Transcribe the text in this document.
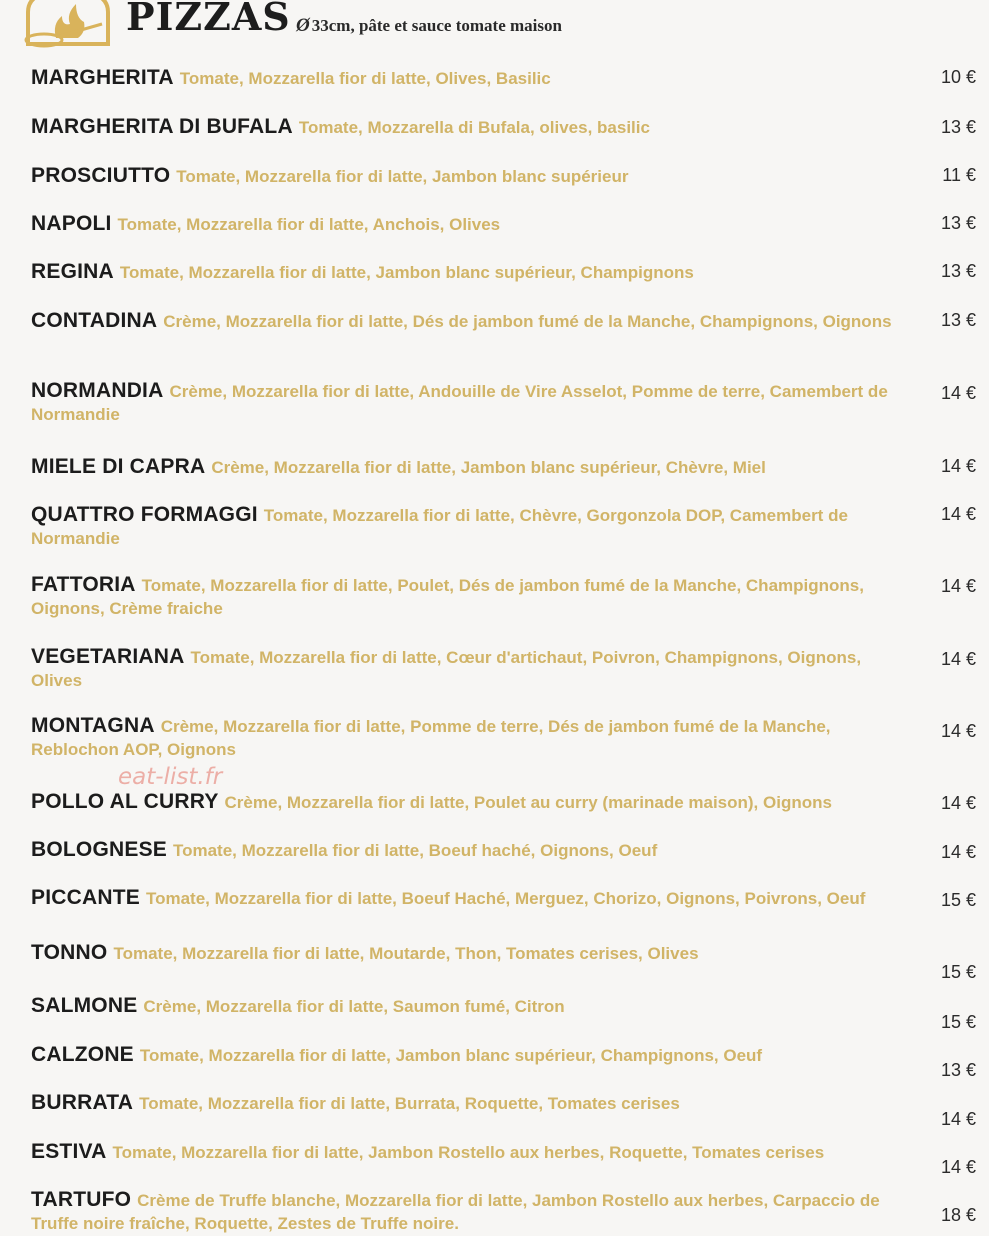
PIZZAS Ø 33cm, pâte et sauce tomate maison
MARGHERITA Tomate, Mozzarella fior di latte, Olives, Basilic	10 €
MARGHERITA DI BUFALA Tomate, Mozzarella di Bufala, olives, basilic	13 €
PROSCIUTTO Tomate, Mozzarella fior di latte, Jambon blanc supérieur	11 €
NAPOLI Tomate, Mozzarella fior di latte, Anchois, Olives	13 €
REGINA Tomate, Mozzarella fior di latte, Jambon blanc supérieur, Champignons	13 €
CONTADINA Crème, Mozzarella fior di latte, Dés de jambon fumé de la Manche, Champignons, Oignons	13 €
NORMANDIA Crème, Mozzarella fior di latte, Andouille de Vire Asselot, Pomme de terre, Camembert de Normandie
14 €
MIELE DI CAPRA Crème, Mozzarella fior di latte, Jambon blanc supérieur, Chèvre, Miel	14 €
QUATTRO FORMAGGI Tomate, Mozzarella fior di latte, Chèvre, Gorgonzola DOP, Camembert de Normandie
14 €
FATTORIA Tomate, Mozzarella fior di latte, Poulet, Dés de jambon fumé de la Manche, Champignons, Oignons, Crème fraiche
14 €
VEGETARIANA Tomate, Mozzarella fior di latte, Cœur d'artichaut, Poivron, Champignons, Oignons, Olives
14 €
MONTAGNA Crème, Mozzarella fior di latte, Pomme de terre, Dés de jambon fumé de la Manche, Reblochon AOP, Oignons
14 €
POLLO AL CURRY Crème, Mozzarella fior di latte, Poulet au curry (marinade maison), Oignons	14 €
BOLOGNESE Tomate, Mozzarella fior di latte, Boeuf haché, Oignons, Oeuf	14 €
PICCANTE Tomate, Mozzarella fior di latte, Boeuf Haché, Merguez, Chorizo, Oignons, Poivrons, Oeuf	15 €
TONNO Tomate, Mozzarella fior di latte, Moutarde, Thon, Tomates cerises, Olives
15 €
SALMONE Crème, Mozzarella fior di latte, Saumon fumé, Citron
15 €
CALZONE Tomate, Mozzarella fior di latte, Jambon blanc supérieur, Champignons, Oeuf
13 €
BURRATA Tomate, Mozzarella fior di latte, Burrata, Roquette, Tomates cerises
14 €
ESTIVA Tomate, Mozzarella fior di latte, Jambon Rostello aux herbes, Roquette, Tomates cerises
14 €
TARTUFO Crème de Truffe blanche, Mozzarella fior di latte, Jambon Rostello aux herbes, Carpaccio de Truffe noire fraîche, Roquette, Zestes de Truffe noire.	18 €
eat-list.fr
